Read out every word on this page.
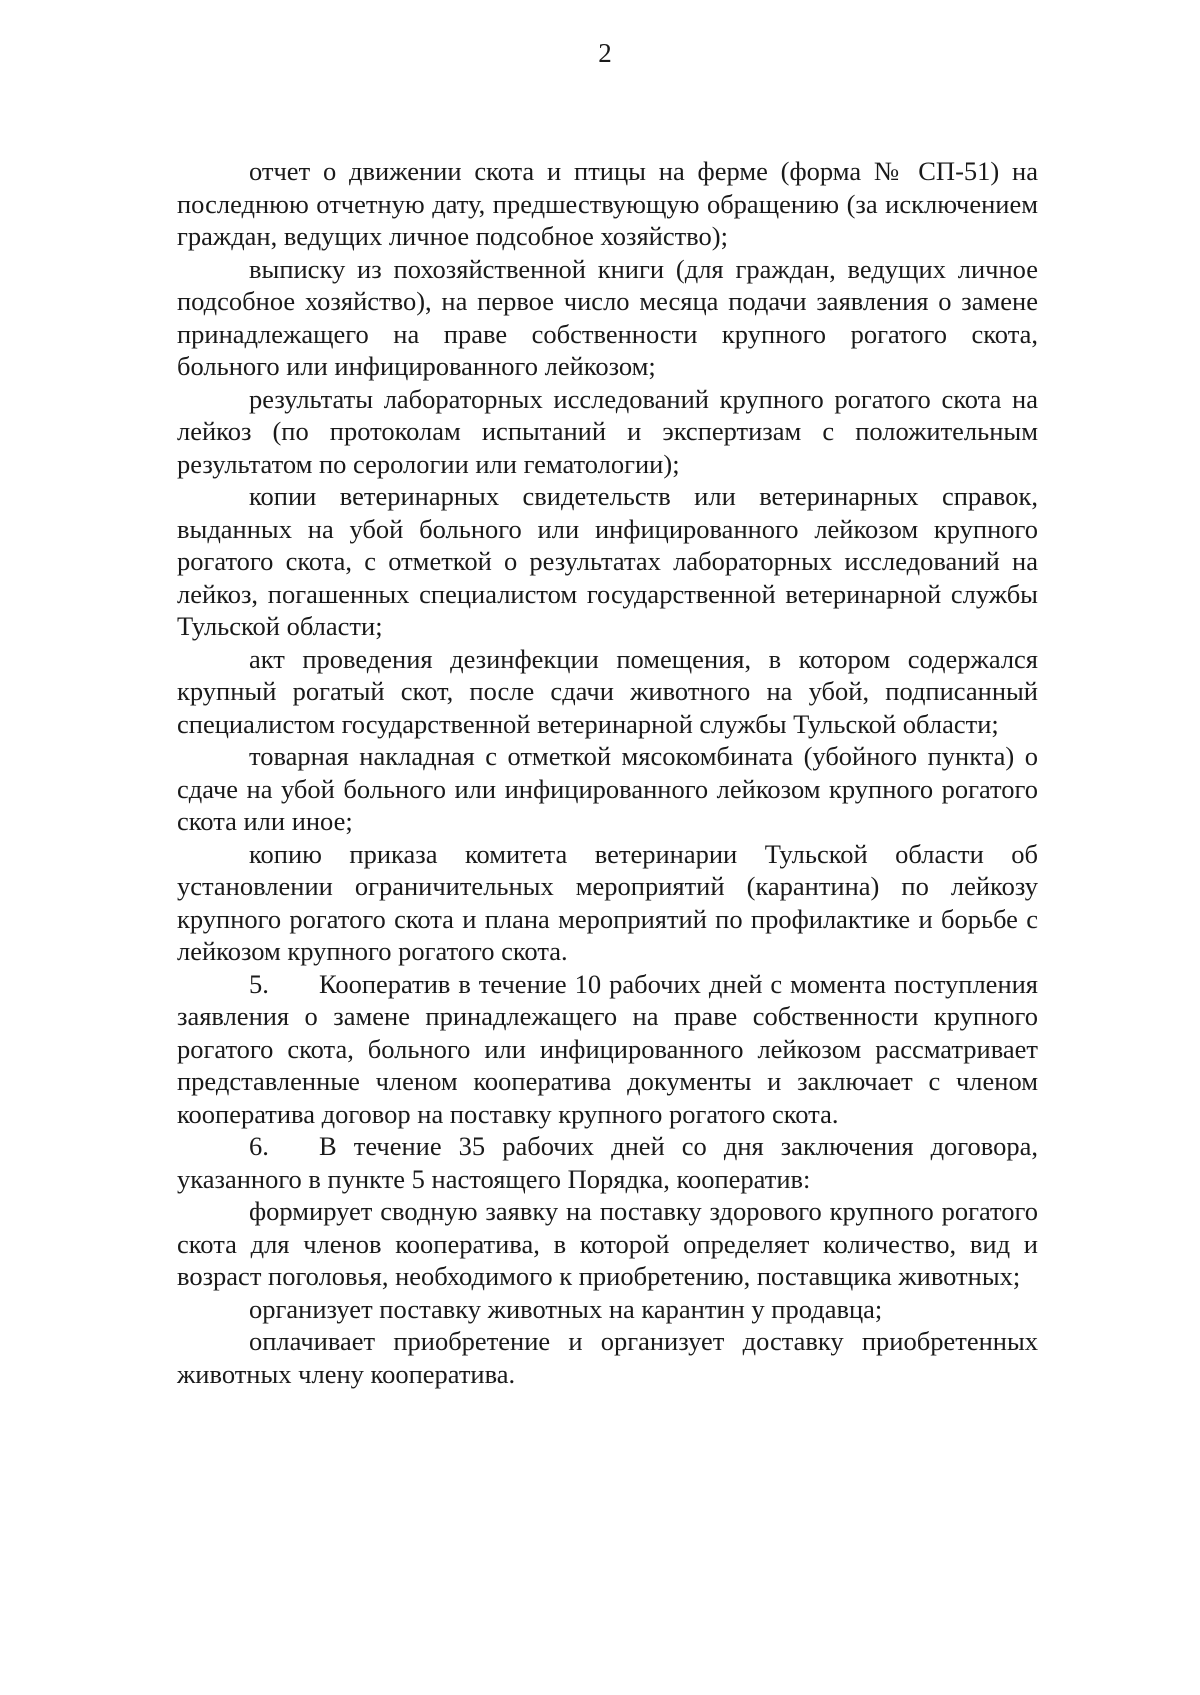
2

отчет о движении скота и птицы на ферме (форма № СП-51) на последнюю отчетную дату, предшествующую обращению (за исключением граждан, ведущих личное подсобное хозяйство);

выписку из похозяйственной книги (для граждан, ведущих личное подсобное хозяйство), на первое число месяца подачи заявления о замене принадлежащего на праве собственности крупного рогатого скота, больного или инфицированного лейкозом;

результаты лабораторных исследований крупного рогатого скота на лейкоз (по протоколам испытаний и экспертизам с положительным результатом по серологии или гематологии);

копии ветеринарных свидетельств или ветеринарных справок, выданных на убой больного или инфицированного лейкозом крупного рогатого скота, с отметкой о результатах лабораторных исследований на лейкоз, погашенных специалистом государственной ветеринарной службы Тульской области;

акт проведения дезинфекции помещения, в котором содержался крупный рогатый скот, после сдачи животного на убой, подписанный специалистом государственной ветеринарной службы Тульской области;

товарная накладная с отметкой мясокомбината (убойного пункта) о сдаче на убой больного или инфицированного лейкозом крупного рогатого скота или иное;

копию приказа комитета ветеринарии Тульской области об установлении ограничительных мероприятий (карантина) по лейкозу крупного рогатого скота и плана мероприятий по профилактике и борьбе с лейкозом крупного рогатого скота.

5. Кооператив в течение 10 рабочих дней с момента поступления заявления о замене принадлежащего на праве собственности крупного рогатого скота, больного или инфицированного лейкозом рассматривает представленные членом кооператива документы и заключает с членом кооператива договор на поставку крупного рогатого скота.

6. В течение 35 рабочих дней со дня заключения договора, указанного в пункте 5 настоящего Порядка, кооператив:

формирует сводную заявку на поставку здорового крупного рогатого скота для членов кооператива, в которой определяет количество, вид и возраст поголовья, необходимого к приобретению, поставщика животных;

организует поставку животных на карантин у продавца;

оплачивает приобретение и организует доставку приобретенных животных члену кооператива.
